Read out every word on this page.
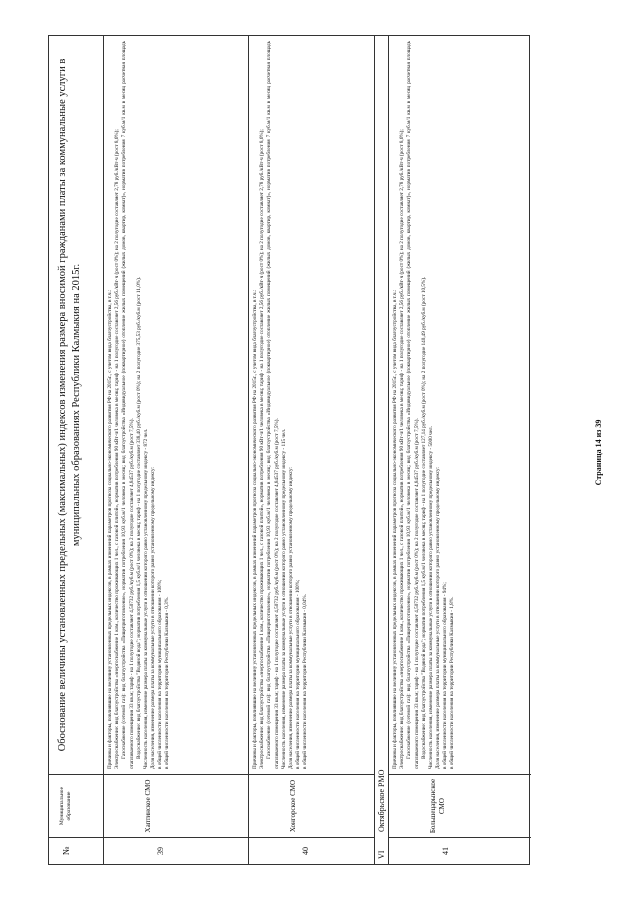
№
Муниципальное образование
Обоснование величины установленных предельных (максимальных) индексов изменения размера вносимой гражданами платы за коммунальные услуги в муниципальных образованиях Республики Калмыкия на 2015г.
39
Хаптинское СМО

Причины и факторы, повлиявшие на величину установленных предельных индексов, в рамках изменений параметров прогноза социально-экономического развития РФ на 2015г., с учетом вида благоустройства, в т.ч.: Электроснабжение: вид благоустройства «энергоснабжение 1 ком., количество проживающих 1 чел., с газовой плитой», норматив потребления 90 кВт·ч/1 человека в месяц; тариф - на 1 полугодие составляет 2,56 руб./кВт·ч (рост 0%); на 2 полугодие составляет 2,78 руб./кВт·ч (рост 8,6%); Газоснабжение (сетевой газ): вид благоустройства «Пищеприготовление», норматив потребления 10,93 куб.м/1 человека в месяц; вид благоустройства «Индивидуальное (поквартирное) отопление жилых помещений (жилых домов, квартир, комнат)», норматив потребления 7 куб.м/1 кв.м в месяц расчетная площадь отапливаемого помещения 33 кв.м; тариф - на 1 полугодие составляет 4,50732 руб./куб.м (рост 0%); на 2 полугодие составляет 4,84537 руб./куб.м (рост 7,5%). Водоснабжение: вид благоустройства "Водяной вода"; норматив потребления 1,5 куб.м/1 человека в месяц; тариф - на 1 полугодие составляет 338,40 руб./куб.м (рост 0%); на 2 полугодие 375,53 руб./куб.м (рост 11,0%). Численность населения, изменение размера платы за коммунальные услуги в отношении которого равно установленному предельному индексу - 872 чел. Доля населения, изменение размера платы за коммунальные услуги в отношении которого равно установленному предельному индексу: в общей численности населения на территории муниципального образования - 100%; в общей численности населения на территории Республики Калмыкия - 0,3%.

40
Хонгорское СМО

Причины и факторы, повлиявшие на величину установленных предельных индексов, в рамках изменений параметров прогноза социально-экономического развития РФ на 2015г., с учетом вида благоустройства, в т.ч.: Электроснабжение: вид благоустройства «энергоснабжение 1 ком., количество проживающих 1 чел., с газовой плитой», норматив потребления 90 кВт·ч/1 человека в месяц; тариф - на 1 полугодие составляет 2,56 руб./кВт·ч (рост 0%); на 2 полугодие составляет 2,78 руб./кВт·ч (рост 8,6%); Газоснабжение (сетевой газ): вид благоустройства «Пищеприготовление», норматив потребления 10,93 куб.м/1 человека в месяц; вид благоустройства «Индивидуальное (поквартирное) отопление жилых помещений (жилых домов, квартир, комнат)», норматив потребления 7 куб.м/1 кв.м в месяц расчетная площадь отапливаемого помещения 33 кв.м; тариф - на 1 полугодие составляет 4,50732 руб./куб.м (рост 0%); на 2 полугодие составляет 4,84537 руб./куб.м (рост 7,5%). Численность населения, изменение размера платы за коммунальные услуги в отношении которого равно установленному предельному индексу - 115 чел. Доля населения, изменение размера платы за коммунальные услуги в отношении которого равно установленному предельному индексу: в общей численности населения на территории муниципального образования - 100%; в общей численности населения на территории Республики Калмыкия - 0,04%.

VI
Октябрьское РМО
41
Большецарынское СМО

Причины и факторы, повлиявшие на величину установленных предельных индексов, в рамках изменений параметров прогноза социально-экономического развития РФ на 2015г., с учетом вида благоустройства, в т.ч.: Электроснабжение: вид благоустройства «энергоснабжение 1 ком., количество проживающих 1 чел., с газовой плитой», норматив потребления 90 кВт·ч/1 человека в месяц; тариф - на 1 полугодие составляет 2,56 руб./кВт·ч (рост 0%); на 2 полугодие составляет 2,78 руб./кВт·ч (рост 8,6%); Газоснабжение (сетевой газ): вид благоустройства «Пищеприготовление», норматив потребления 10,93 куб.м/1 человека в месяц; вид благоустройства «Индивидуальное (поквартирное) отопление жилых помещений (жилых домов, квартир, комнат)», норматив потребления 7 куб.м/1 кв.м в месяц расчетная площадь отапливаемого помещения 33 кв.м; тариф - на 1 полугодие составляет 4,50732 руб./куб.м (рост 0%); на 2 полугодие составляет 4,84537 руб./куб.м (рост 7,5%). Водоснабжение: вид благоустройства "Водяной вода"; норматив потребления 1,5 куб.м/1 человека в месяц; тариф - на 1 полугодие составляет 127,14 руб./куб.м (рост 0%); на 2 полугодие 140,49 руб./куб.м (рост 10,5%). Численность населения, изменение размера платы за коммунальные услуги в отношении которого равно установленному предельному индексу - 5000 чел. Доля населения, изменение размера платы за коммунальные услуги в отношении которого равно установленному предельному индексу: в общей численности населения на территории муниципального образования - 94%; в общей численности населения на территории Республики Калмыкия - 1,8%.

Страница 14 из 39
